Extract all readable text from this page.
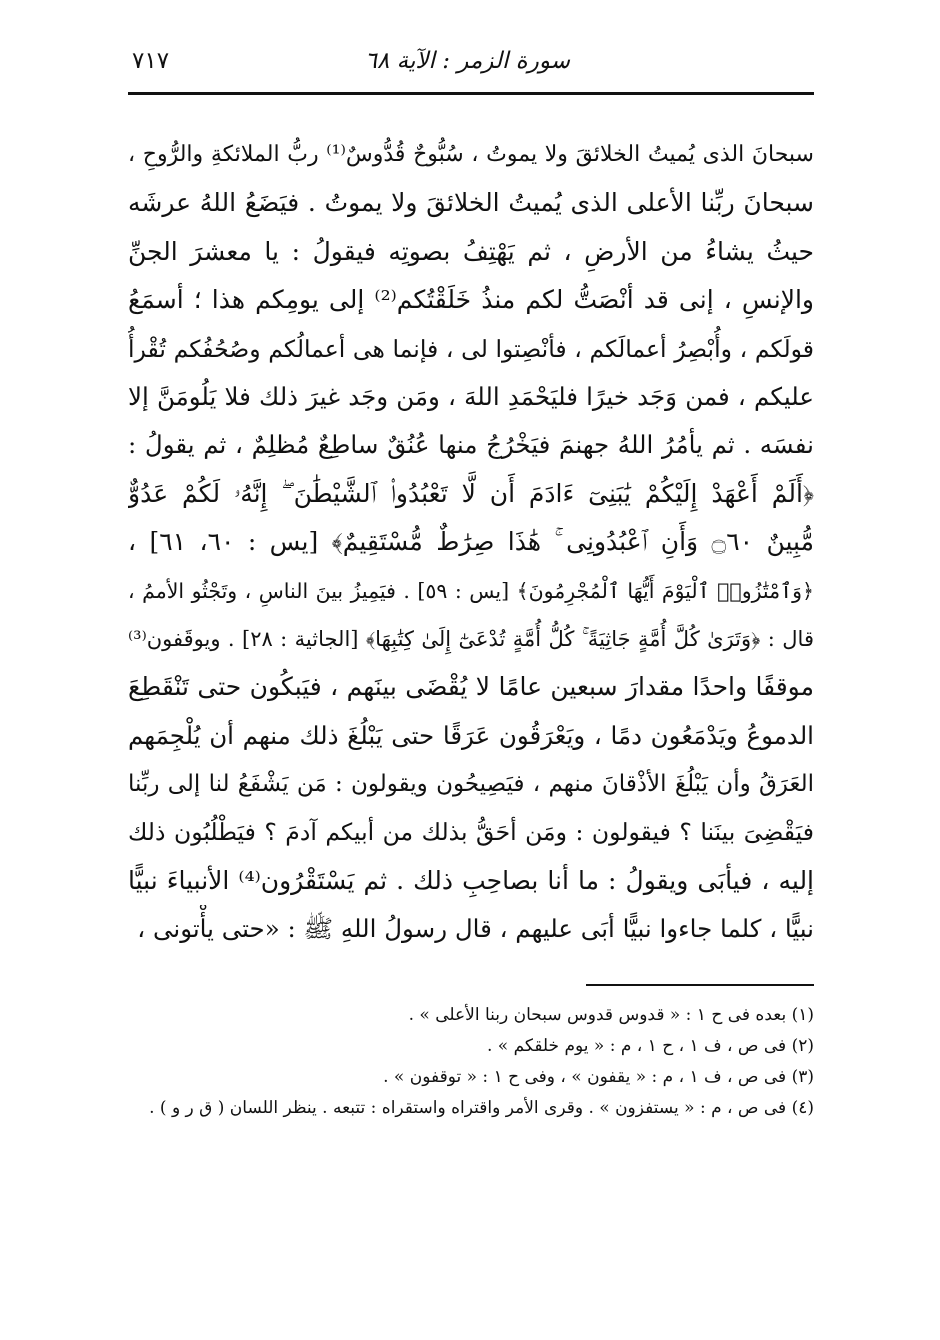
سورة الزمر : الآية ٦٨
٧١٧
سبحانَ الذى يُميتُ الخلائقَ ولا يموتُ ، سُبُّوحٌ قُدُّوسٌ⁽¹⁾ ربُّ الملائكةِ والرُّوحِ ،
سبحانَ ربِّنا الأعلى الذى يُميتُ الخلائقَ ولا يموتُ . فيَضَعُ اللهُ عرشَه
حيثُ يشاءُ من الأرضِ ، ثم يَهْتِفُ بصوتِه فيقولُ : يا معشرَ الجنِّ
والإنسِ ، إنى قد أنْصَتُّ لكم منذُ خَلَقْتُكم⁽²⁾ إلى يومِكم هذا ؛ أسمَعُ
قولَكم ، وأُبْصِرُ أعمالَكم ، فأنْصِتوا لى ، فإنما هى أعمالُكم وصُحُفُكم تُقْرأُ
عليكم ، فمن وَجَد خيرًا فليَحْمَدِ اللهَ ، ومَن وجَد غيرَ ذلك فلا يَلُومَنَّ إلا
نفسَه . ثم يأمُرُ اللهُ جهنمَ فيَخْرُجُ منها عُنُقٌ ساطِعٌ مُظلِمٌ ، ثم يقولُ :
﴿أَلَمْ أَعْهَدْ إِلَيْكُمْ يَٰبَنِىٓ ءَادَمَ أَن لَّا تَعْبُدُوا۟ ٱلشَّيْطَٰنَ ۖ إِنَّهُۥ لَكُمْ عَدُوٌّ
مُّبِينٌ ۝٦٠ وَأَنِ ٱعْبُدُونِى ۚ هَٰذَا صِرَٰطٌ مُّسْتَقِيمٌ﴾ [يس : ٦٠، ٦١] ،
﴿وَٱمْتَٰزُوا۟ ٱلْيَوْمَ أَيُّهَا ٱلْمُجْرِمُونَ﴾ [يس : ٥٩] . فيَمِيزُ بينَ الناسِ ، وتَجْثُو الأممُ ،
قال : ﴿وَتَرَىٰ كُلَّ أُمَّةٍ جَاثِيَةً ۚ كُلُّ أُمَّةٍ تُدْعَىٰٓ إِلَىٰ كِتَٰبِهَا﴾ [الجاثية : ٢٨] . ويوقَفون⁽³⁾
موقفًا واحدًا مقدارَ سبعين عامًا لا يُقْضَى بينَهم ، فيَبكُون حتى تَنْقَطِعَ
الدموعُ ويَدْمَعُون دمًا ، ويَعْرَقُون عَرَقًا حتى يَبْلُغَ ذلك منهم أن يُلْجِمَهم
العَرَقُ وأن يَبْلُغَ الأذْقانَ منهم ، فيَصِيحُون ويقولون : مَن يَشْفَعُ لنا إلى ربِّنا
فيَقْضِىَ بينَنا ؟ فيقولون : ومَن أحَقُّ بذلك من أبيكم آدمَ ؟ فيَطْلُبُون ذلك
إليه ، فيأبَى ويقولُ : ما أنا بصاحِبِ ذلك . ثم يَسْتَقْرُون⁽⁴⁾ الأنبياءَ نبيًّا
نبيًّا ، كلما جاءوا نبيًّا أبَى عليهم ، قال رسولُ اللهِ ﷺ : «حتى يأْتونى ،
(١) بعده فى ح ١ : « قدوس قدوس سبحان ربنا الأعلى » .
(٢) فى ص ، ف ١ ، ح ١ ، م : « يوم خلقكم » .
(٣) فى ص ، ف ١ ، م : « يقفون » ، وفى ح ١ : « توقفون » .
(٤) فى ص ، م : « يستفزون » . وقرى الأمر واقتراه واستقراه : تتبعه . ينظر اللسان ( ق ر و ) .
